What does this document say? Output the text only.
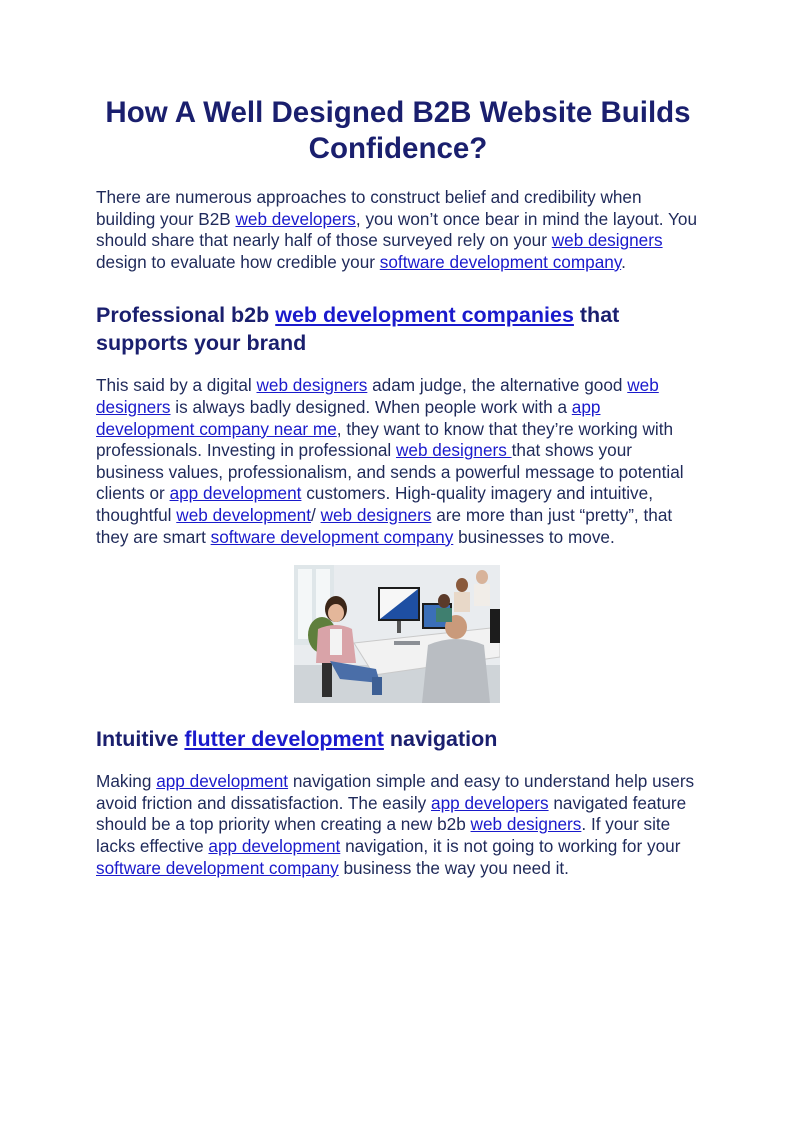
How A Well Designed B2B Website Builds Confidence?

There are numerous approaches to construct belief and credibility when building your B2B web developers, you won’t once bear in mind the layout. You should share that nearly half of those surveyed rely on your web designers design to evaluate how credible your software development company.

Professional b2b web development companies that supports your brand

This said by a digital web designers adam judge, the alternative good web designers is always badly designed. When people work with a app development company near me, they want to know that they’re working with professionals. Investing in professional web designers that shows your business values, professionalism, and sends a powerful message to potential clients or app development customers. High-quality imagery and intuitive, thoughtful web development/ web designers are more than just “pretty”, that they are smart software development company businesses to move.

Intuitive flutter development navigation

Making app development navigation simple and easy to understand help users avoid friction and dissatisfaction. The easily app developers navigated feature should be a top priority when creating a new b2b web designers. If your site lacks effective app development navigation, it is not going to working for your software development company business the way you need it.
